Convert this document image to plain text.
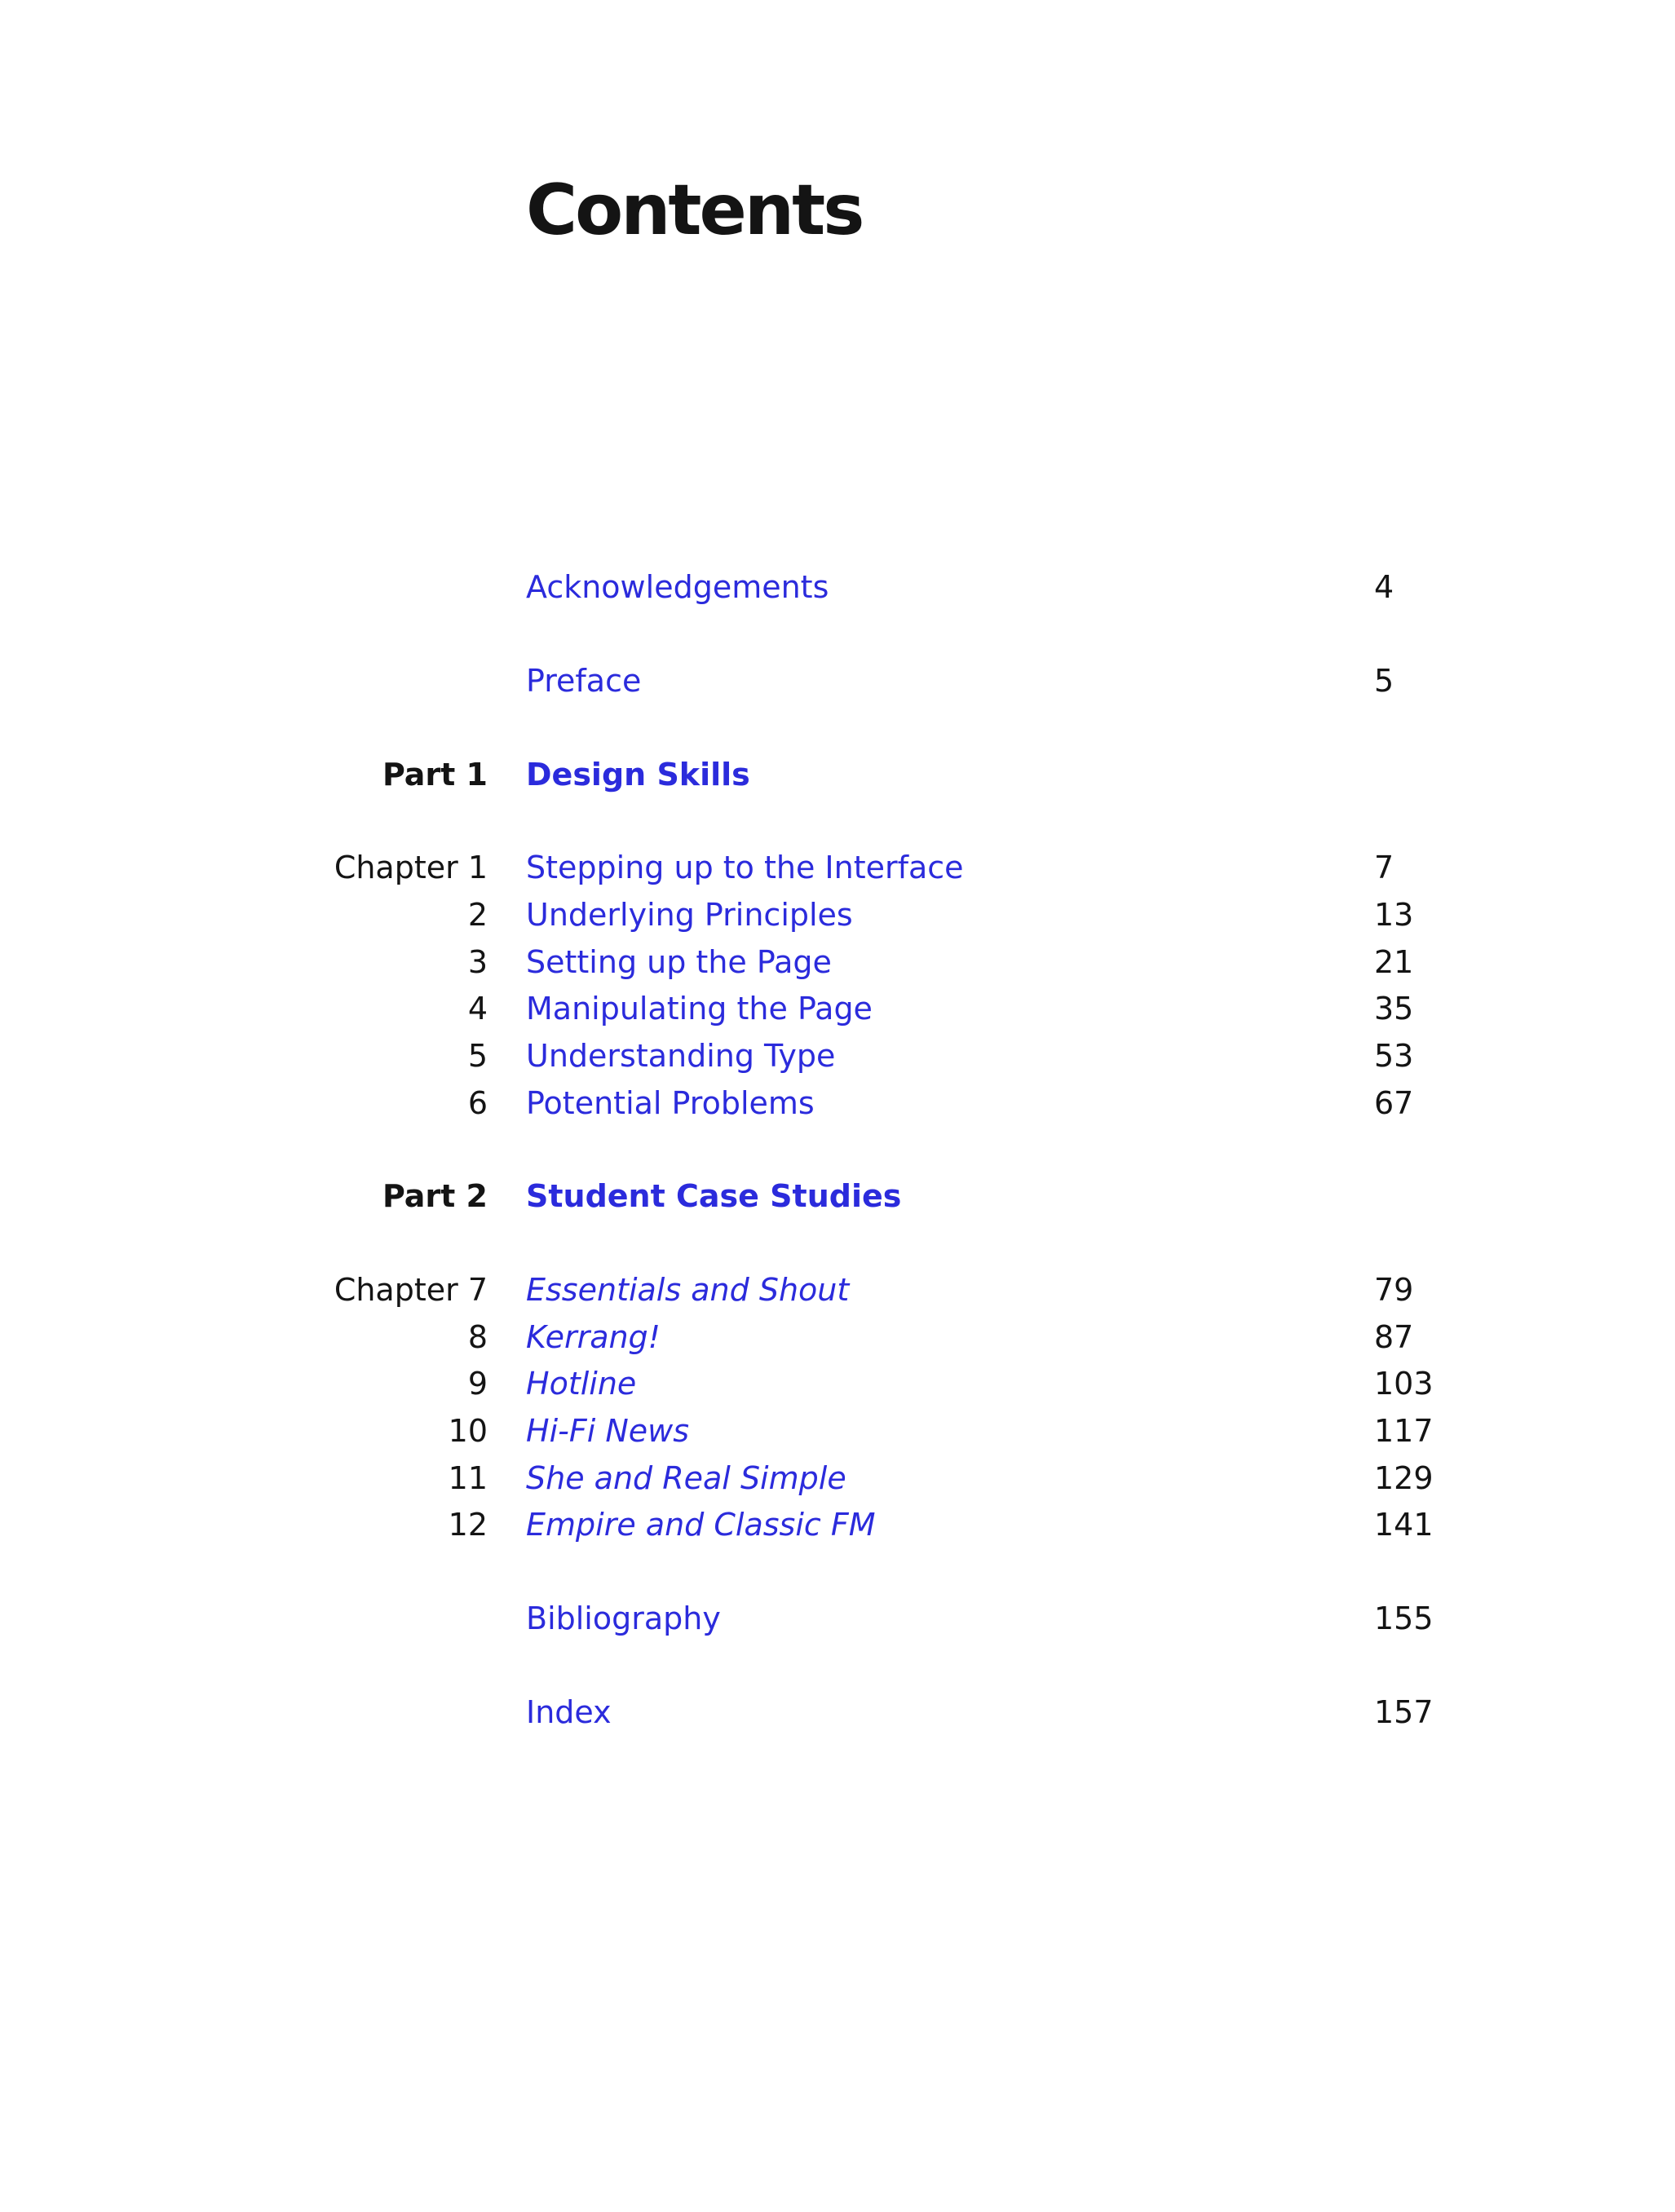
Contents
Acknowledgements	4
Preface	5
Part 1 Design Skills
Chapter 1 Stepping up to the Interface	7
2 Underlying Principles	13
3 Setting up the Page	21
4 Manipulating the Page	35
5 Understanding Type	53
6 Potential Problems	67
Part 2 Student Case Studies
Chapter 7 Essentials and Shout	79
8 Kerrang!	87
9 Hotline	103
10 Hi-Fi News	117
11 She and Real Simple	129
12 Empire and Classic FM	141
Bibliography	155
Index	157
